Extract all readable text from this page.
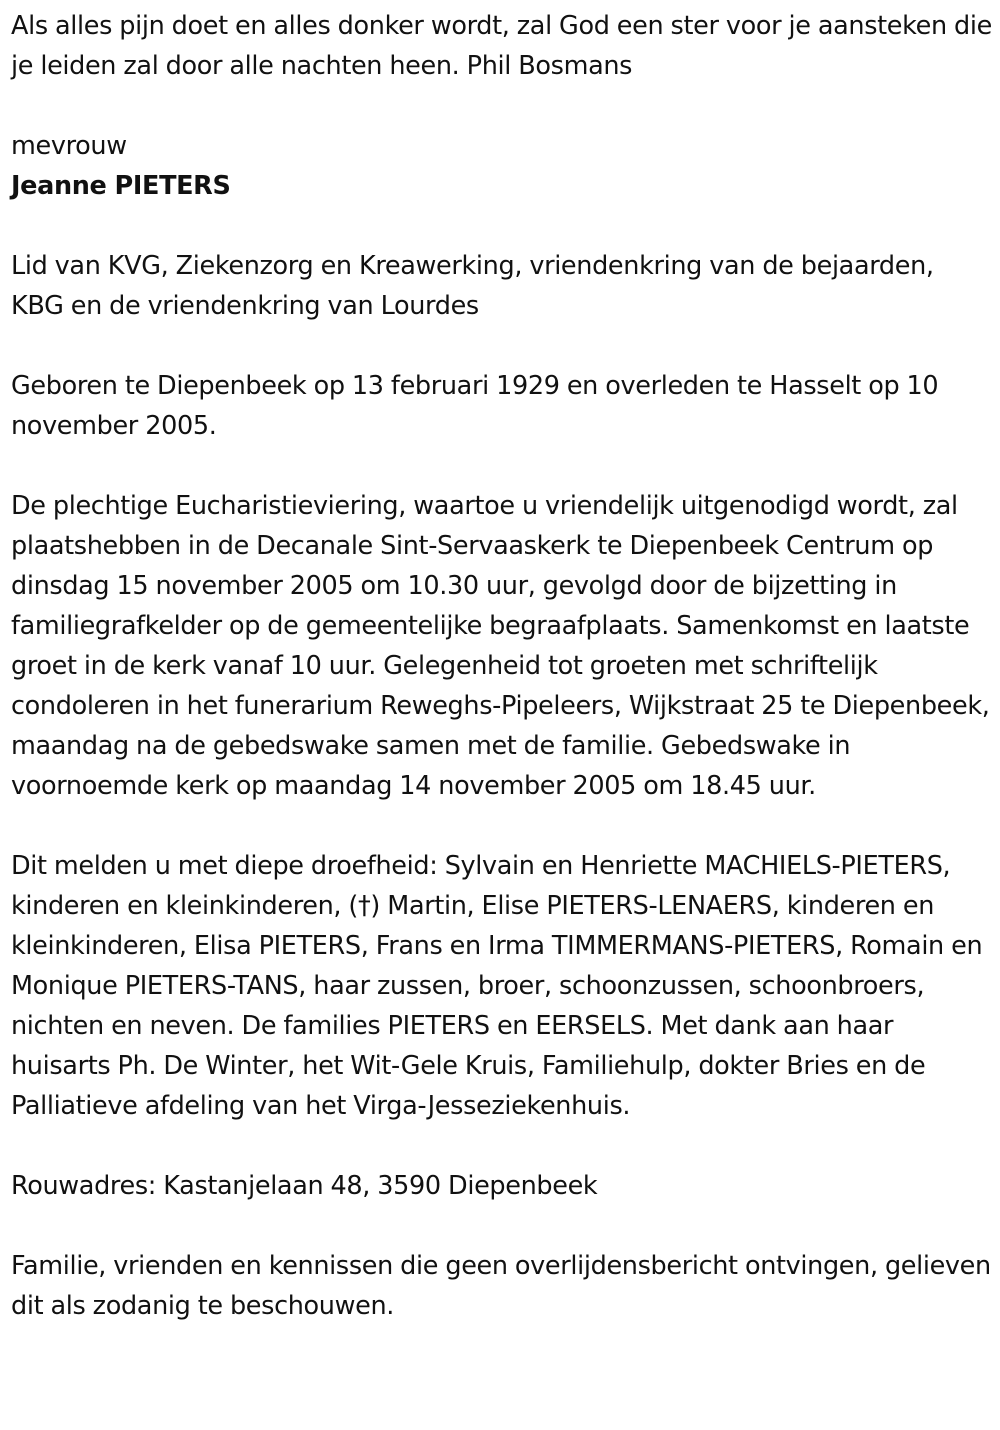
Als alles pijn doet en alles donker wordt, zal God een ster voor je aansteken die je leiden zal door alle nachten heen. Phil Bosmans

mevrouw

Jeanne PIETERS

Lid van KVG, Ziekenzorg en Kreawerking, vriendenkring van de bejaarden, KBG en de vriendenkring van Lourdes

Geboren te Diepenbeek op 13 februari 1929 en overleden te Hasselt op 10 november 2005.

De plechtige Eucharistieviering, waartoe u vriendelijk uitgenodigd wordt, zal plaatshebben in de Decanale Sint-Servaaskerk te Diepenbeek Centrum op dinsdag 15 november 2005 om 10.30 uur, gevolgd door de bijzetting in familiegrafkelder op de gemeentelijke begraafplaats. Samenkomst en laatste groet in de kerk vanaf 10 uur. Gelegenheid tot groeten met schriftelijk condoleren in het funerarium Reweghs-Pipeleers, Wijkstraat 25 te Diepenbeek, maandag na de gebedswake samen met de familie. Gebedswake in voornoemde kerk op maandag 14 november 2005 om 18.45 uur.

Dit melden u met diepe droefheid: Sylvain en Henriette MACHIELS-PIETERS, kinderen en kleinkinderen, (†) Martin, Elise PIETERS-LENAERS, kinderen en kleinkinderen, Elisa PIETERS, Frans en Irma TIMMERMANS-PIETERS, Romain en Monique PIETERS-TANS, haar zussen, broer, schoonzussen, schoonbroers, nichten en neven. De families PIETERS en EERSELS. Met dank aan haar huisarts Ph. De Winter, het Wit-Gele Kruis, Familiehulp, dokter Bries en de Palliatieve afdeling van het Virga-Jesseziekenhuis.

Rouwadres: Kastanjelaan 48, 3590 Diepenbeek

Familie, vrienden en kennissen die geen overlijdensbericht ontvingen, gelieven dit als zodanig te beschouwen.
